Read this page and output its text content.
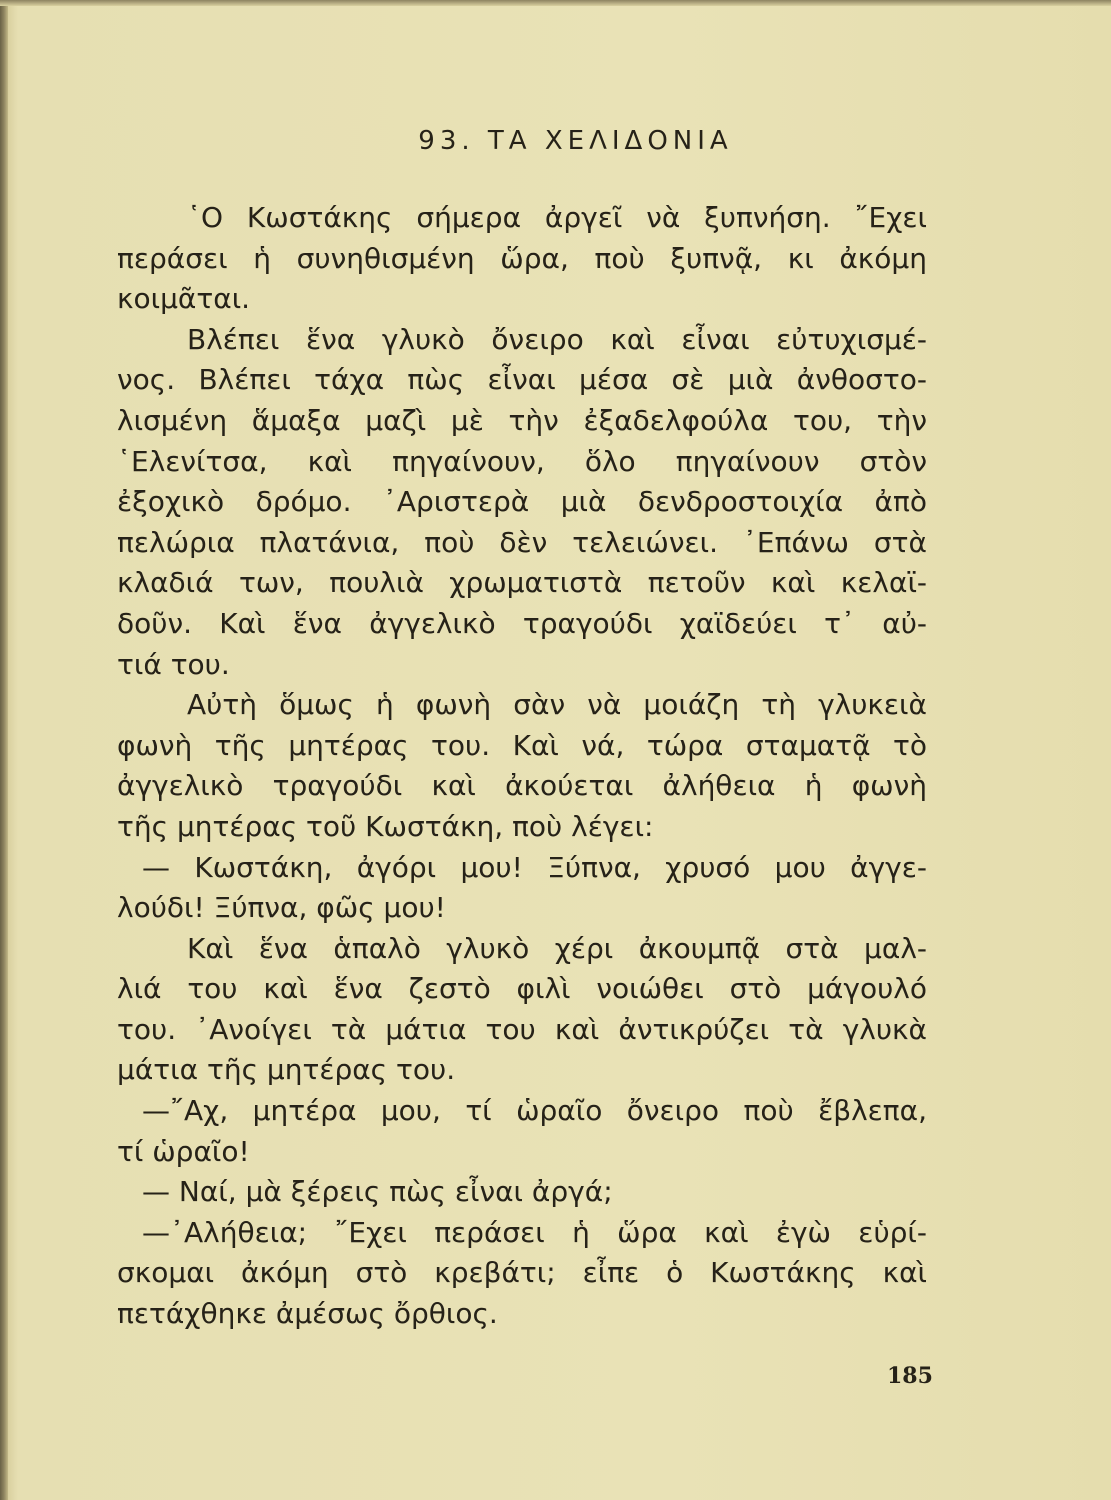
93. ΤΑ ΧΕΛΙΔΟΝΙΑ
῾Ο Κωστάκης σήμερα ἀργεῖ νὰ ξυπνήση. ῎Εχει
περάσει ἡ συνηθισμένη ὥρα, ποὺ ξυπνᾷ, κι ἀκόμη
κοιμᾶται.
Βλέπει ἕνα γλυκὸ ὄνειρο καὶ εἶναι εὐτυχισμέ-
νος. Βλέπει τάχα πὼς εἶναι μέσα σὲ μιὰ ἀνθοστο-
λισμένη ἅμαξα μαζὶ μὲ τὴν ἐξαδελφούλα του, τὴν
῾Ελενίτσα, καὶ πηγαίνουν, ὅλο πηγαίνουν στὸν
ἐξοχικὸ δρόμο. ᾿Αριστερὰ μιὰ δενδροστοιχία ἀπὸ
πελώρια πλατάνια, ποὺ δὲν τελειώνει. ᾿Επάνω στὰ
κλαδιά των, πουλιὰ χρωματιστὰ πετοῦν καὶ κελαϊ-
δοῦν. Καὶ ἕνα ἀγγελικὸ τραγούδι χαϊδεύει τ᾿ αὐ-
τιά του.
Αὐτὴ ὅμως ἡ φωνὴ σὰν νὰ μοιάζη τὴ γλυκειὰ
φωνὴ τῆς μητέρας του. Καὶ νά, τώρα σταματᾷ τὸ
ἀγγελικὸ τραγούδι καὶ ἀκούεται ἀλήθεια ἡ φωνὴ
τῆς μητέρας τοῦ Κωστάκη, ποὺ λέγει:
— Κωστάκη, ἀγόρι μου! Ξύπνα, χρυσό μου ἀγγε-
λούδι! Ξύπνα, φῶς μου!
Καὶ ἕνα ἁπαλὸ γλυκὸ χέρι ἀκουμπᾷ στὰ μαλ-
λιά του καὶ ἕνα ζεστὸ φιλὶ νοιώθει στὸ μάγουλό
του. ᾿Ανοίγει τὰ μάτια του καὶ ἀντικρύζει τὰ γλυκὰ
μάτια τῆς μητέρας του.
—῎Αχ, μητέρα μου, τί ὡραῖο ὄνειρο ποὺ ἔβλεπα,
τί ὡραῖο!
— Ναί, μὰ ξέρεις πὼς εἶναι ἀργά;
—᾿Αλήθεια; ῎Εχει περάσει ἡ ὥρα καὶ ἐγὼ εὑρί-
σκομαι ἀκόμη στὸ κρεβάτι; εἶπε ὁ Κωστάκης καὶ
πετάχθηκε ἀμέσως ὄρθιος.
185
